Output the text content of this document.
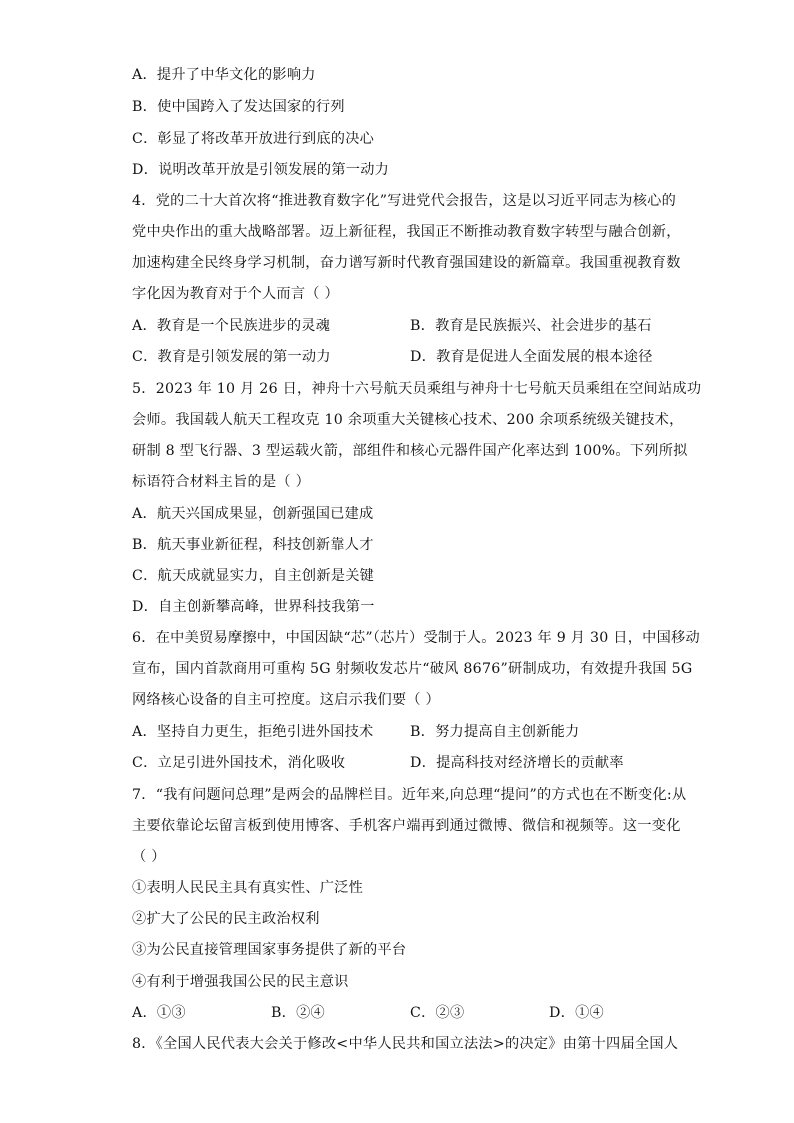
A．提升了中华文化的影响力
B．使中国跨入了发达国家的行列
C．彰显了将改革开放进行到底的决心
D．说明改革开放是引领发展的第一动力
4．党的二十大首次将“推进教育数字化”写进党代会报告，这是以习近平同志为核心的
党中央作出的重大战略部署。迈上新征程，我国正不断推动教育数字转型与融合创新，
加速构建全民终身学习机制，奋力谱写新时代教育强国建设的新篇章。我国重视教育数
字化因为教育对于个人而言（ ）
A．教育是一个民族进步的灵魂	B．教育是民族振兴、社会进步的基石
C．教育是引领发展的第一动力	D．教育是促进人全面发展的根本途径
5．2023 年 10 月 26 日，神舟十六号航天员乘组与神舟十七号航天员乘组在空间站成功
会师。我国载人航天工程攻克 10 余项重大关键核心技术、200 余项系统级关键技术，
研制 8 型飞行器、3 型运载火箭，部组件和核心元器件国产化率达到 100%。下列所拟
标语符合材料主旨的是（ ）
A．航天兴国成果显，创新强国已建成
B．航天事业新征程，科技创新靠人才
C．航天成就显实力，自主创新是关键
D．自主创新攀高峰，世界科技我第一
6．在中美贸易摩擦中，中国因缺“芯”（芯片）受制于人。2023 年 9 月 30 日，中国移动
宣布，国内首款商用可重构 5G 射频收发芯片“破风 8676”研制成功，有效提升我国 5G
网络核心设备的自主可控度。这启示我们要（ ）
A．坚持自力更生，拒绝引进外国技术	B．努力提高自主创新能力
C．立足引进外国技术，消化吸收	D．提高科技对经济增长的贡献率
7．“我有问题问总理”是两会的品牌栏目。近年来,向总理“提问”的方式也在不断变化:从
主要依靠论坛留言板到使用博客、手机客户端再到通过微博、微信和视频等。这一变化
（ ）
①表明人民民主具有真实性、广泛性
②扩大了公民的民主政治权利
③为公民直接管理国家事务提供了新的平台
④有利于增强我国公民的民主意识
A．①③	B．②④	C．②③	D．①④
8．《全国人民代表大会关于修改<中华人民共和国立法法>的决定》由第十四届全国人
